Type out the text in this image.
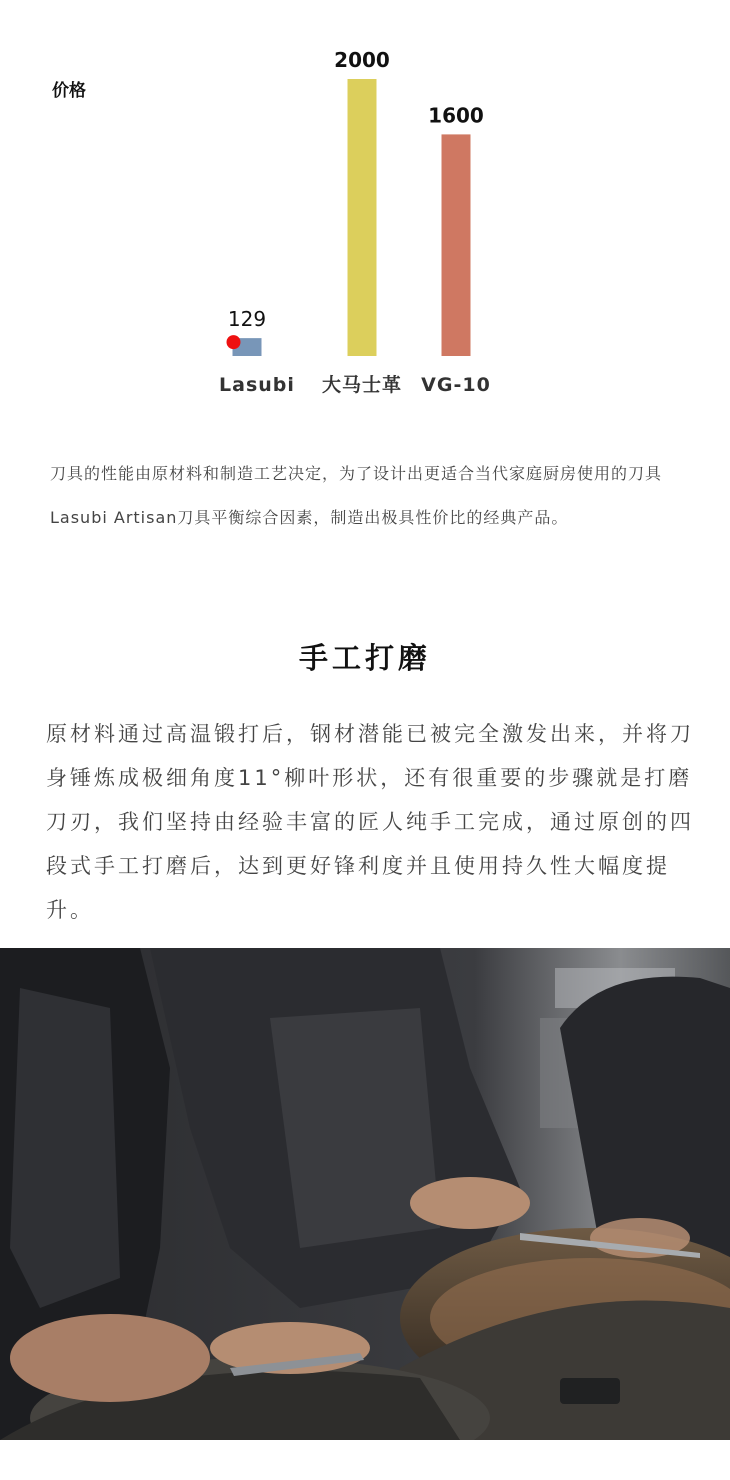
价格
129
Lasubi
2000
大马士革
1600
VG-10
刀具的性能由原材料和制造工艺决定，为了设计出更适合当代家庭厨房使用的刀具Lasubi Artisan刀具平衡综合因素，制造出极具性价比的经典产品。
手工打磨
原材料通过高温锻打后，钢材潜能已被完全激发出来，并将刀身锤炼成极细角度11°柳叶形状，还有很重要的步骤就是打磨刀刃，我们坚持由经验丰富的匠人纯手工完成，通过原创的四段式手工打磨后，达到更好锋利度并且使用持久性大幅度提升。
